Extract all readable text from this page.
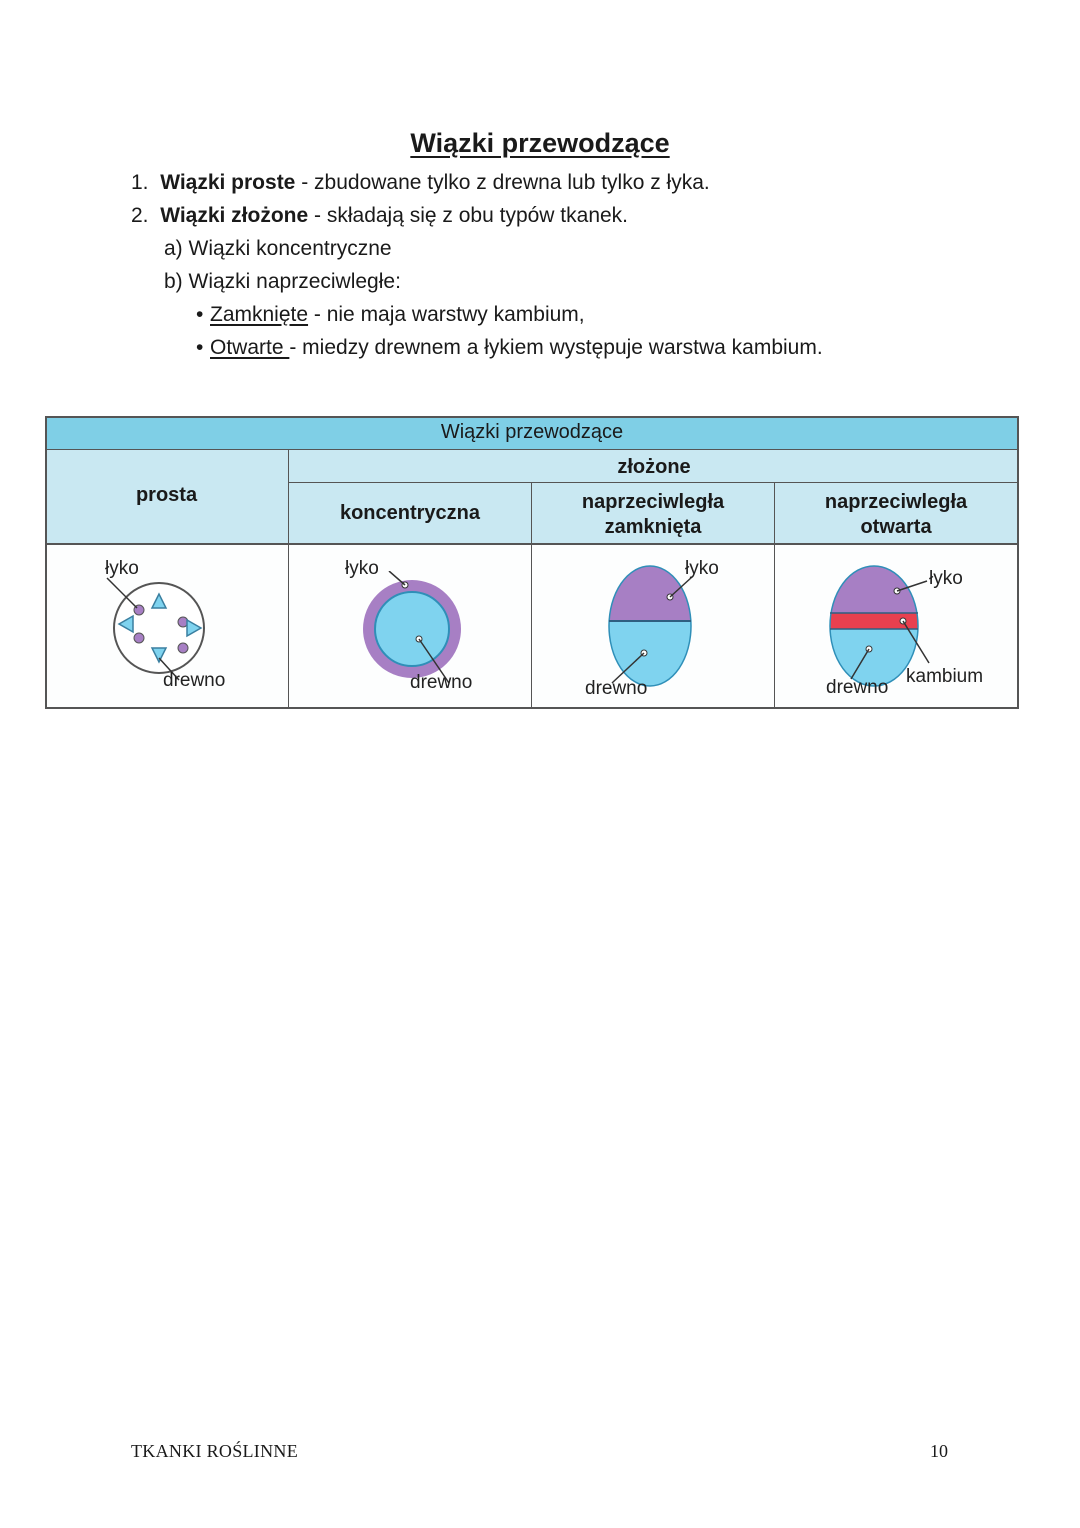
Wiązki przewodzące
1. Wiązki proste - zbudowane tylko z drewna lub tylko z łyka.
2. Wiązki złożone - składają się z obu typów tkanek.
a) Wiązki koncentryczne
b) Wiązki naprzeciwległe:
• Zamknięte - nie maja warstwy kambium,
• Otwarte - miedzy drewnem a łykiem występuje warstwa kambium.
Wiązki przewodzące
złożone
prosta
koncentryczna	naprzeciwległa
zamknięta
naprzeciwległa
otwarta
łyko
drewno
łyko
drewno
łyko
drewno
łyko
kambium
drewno
TKANKI ROŚLINNE	10
